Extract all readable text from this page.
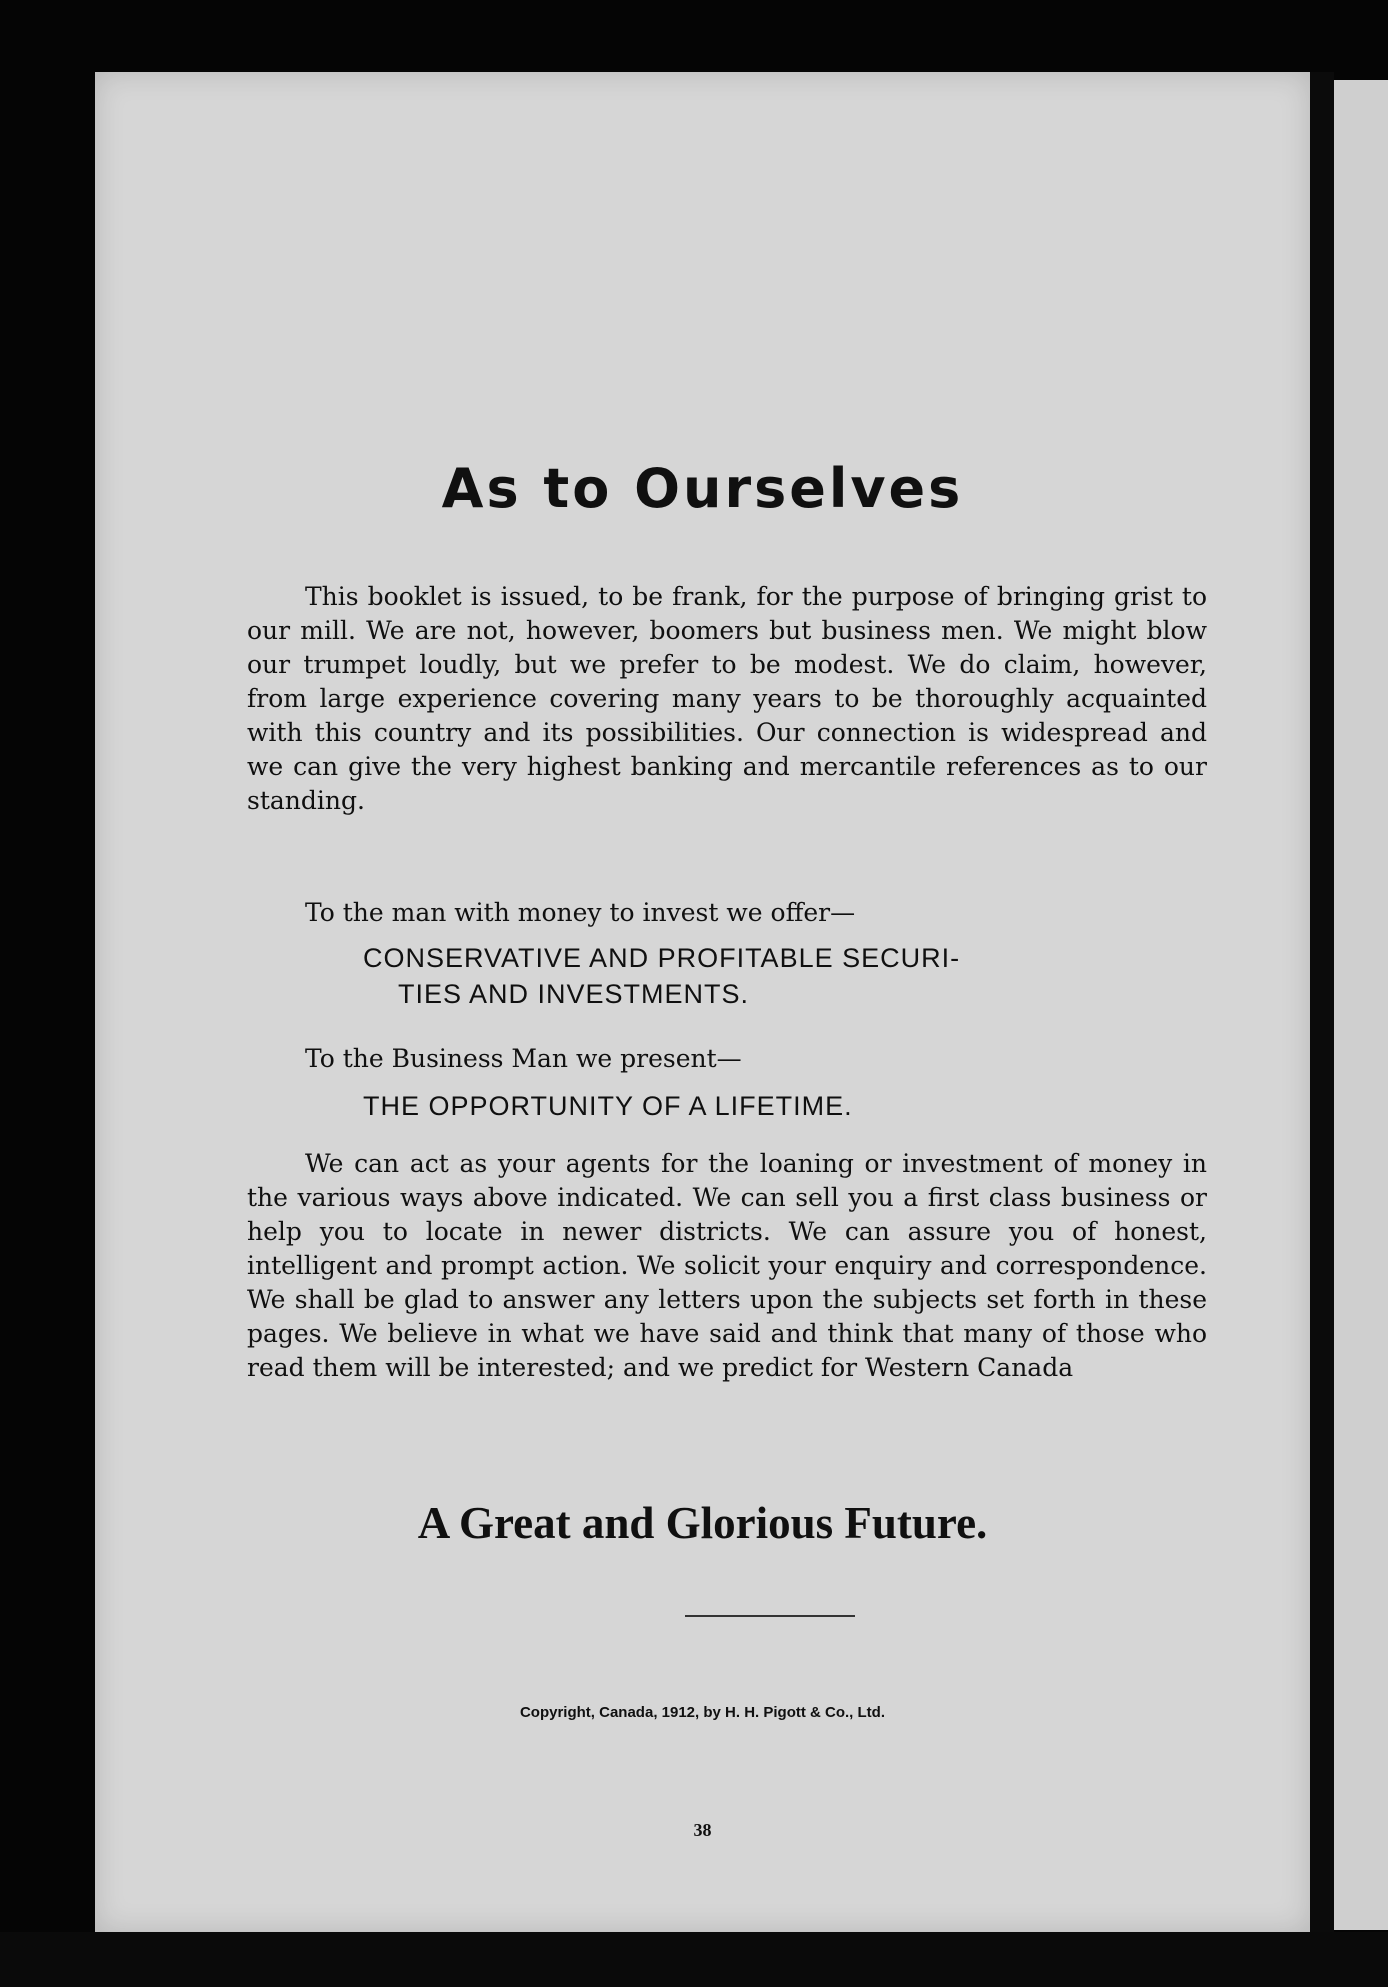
As to Ourselves

This booklet is issued, to be frank, for the purpose of bringing grist to our mill. We are not, however, boomers but business men. We might blow our trumpet loudly, but we prefer to be modest. We do claim, however, from large experience covering many years to be thoroughly acquainted with this country and its possibilities. Our connection is widespread and we can give the very highest banking and mercantile references as to our standing.

To the man with money to invest we offer—

CONSERVATIVE AND PROFITABLE SECURI-
TIES AND INVESTMENTS.

To the Business Man we present—

THE OPPORTUNITY OF A LIFETIME.

We can act as your agents for the loaning or investment of money in the various ways above indicated. We can sell you a first class business or help you to locate in newer districts. We can assure you of honest, intelligent and prompt action. We solicit your enquiry and correspondence. We shall be glad to answer any letters upon the subjects set forth in these pages. We believe in what we have said and think that many of those who read them will be interested; and we predict for Western Canada

A Great and Glorious Future.
Copyright, Canada, 1912, by H. H. Pigott & Co., Ltd.
38
